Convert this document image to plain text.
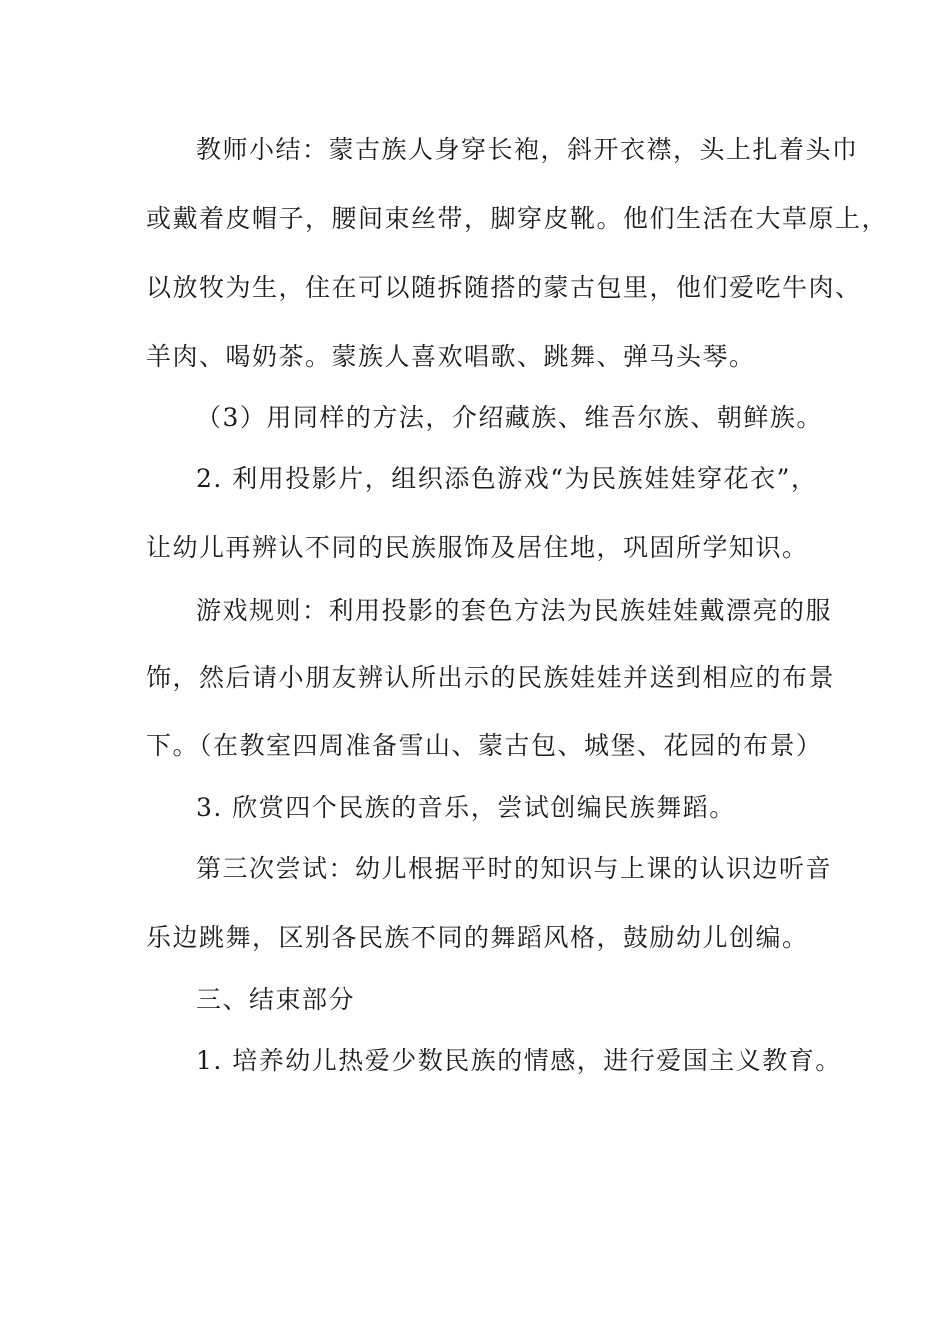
教师小结：蒙古族人身穿长袍，斜开衣襟，头上扎着头巾
或戴着皮帽子，腰间束丝带，脚穿皮靴。他们生活在大草原上，
以放牧为生，住在可以随拆随搭的蒙古包里，他们爱吃牛肉、
羊肉、喝奶茶。蒙族人喜欢唱歌、跳舞、弹马头琴。
（3）用同样的方法，介绍藏族、维吾尔族、朝鲜族。
2. 利用投影片，组织添色游戏“为民族娃娃穿花衣”，
让幼儿再辨认不同的民族服饰及居住地，巩固所学知识。
游戏规则：利用投影的套色方法为民族娃娃戴漂亮的服
饰，然后请小朋友辨认所出示的民族娃娃并送到相应的布景
下。（在教室四周准备雪山、蒙古包、城堡、花园的布景）
3. 欣赏四个民族的音乐，尝试创编民族舞蹈。
第三次尝试：幼儿根据平时的知识与上课的认识边听音
乐边跳舞，区别各民族不同的舞蹈风格，鼓励幼儿创编。
三、结束部分
1. 培养幼儿热爱少数民族的情感，进行爱国主义教育。
